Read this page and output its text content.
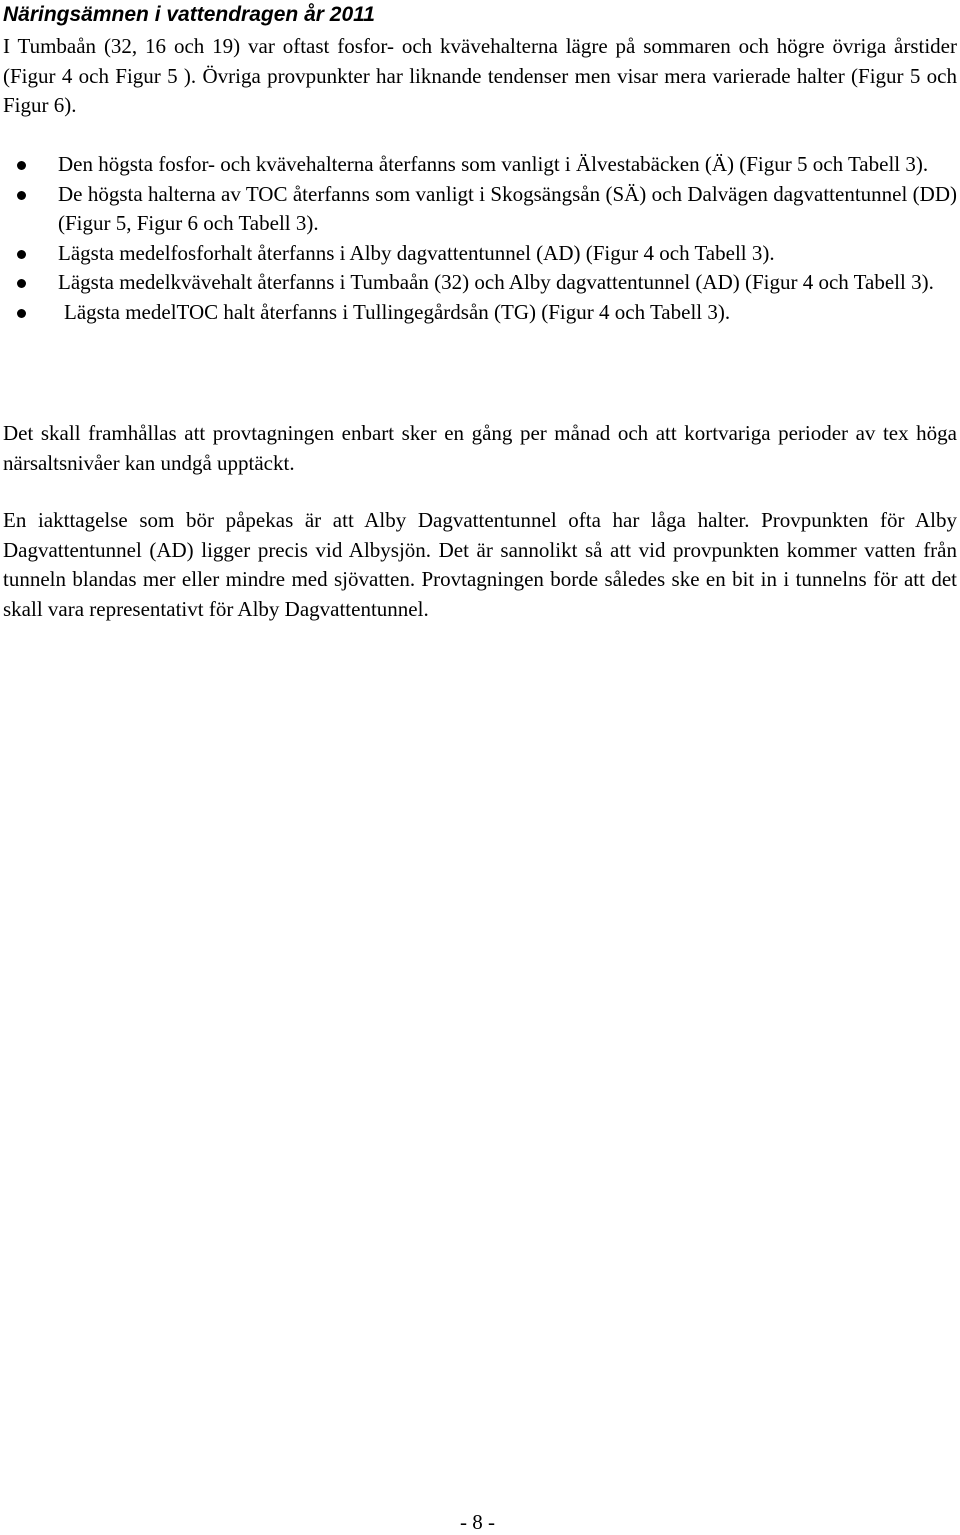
Näringsämnen i vattendragen år 2011

I Tumbaån (32, 16 och 19) var oftast fosfor- och kvävehalterna lägre på sommaren och högre övriga årstider (Figur 4 och Figur 5 ). Övriga provpunkter har liknande tendenser men visar mera varierade halter (Figur 5 och Figur 6).

Den högsta fosfor- och kvävehalterna återfanns som vanligt i Älvestabäcken (Ä) (Figur 5 och Tabell 3).
De högsta halterna av TOC återfanns som vanligt i Skogsängsån (SÄ) och Dalvägen dagvattentunnel (DD) (Figur 5, Figur 6 och Tabell 3).
Lägsta medelfosforhalt återfanns i Alby dagvattentunnel (AD) (Figur 4 och Tabell 3).
Lägsta medelkvävehalt återfanns i Tumbaån (32) och Alby dagvattentunnel (AD) (Figur 4 och Tabell 3).
Lägsta medelTOC halt återfanns i Tullingegårdsån (TG) (Figur 4 och Tabell 3).

Det skall framhållas att provtagningen enbart sker en gång per månad och att kortvariga perioder av tex höga närsaltsnivåer kan undgå upptäckt.

En iakttagelse som bör påpekas är att Alby Dagvattentunnel ofta har låga halter. Provpunkten för Alby Dagvattentunnel (AD) ligger precis vid Albysjön. Det är sannolikt så att vid provpunkten kommer vatten från tunneln blandas mer eller mindre med sjövatten. Provtagningen borde således ske en bit in i tunnelns för att det skall vara representativt för Alby Dagvattentunnel.

- 8 -
